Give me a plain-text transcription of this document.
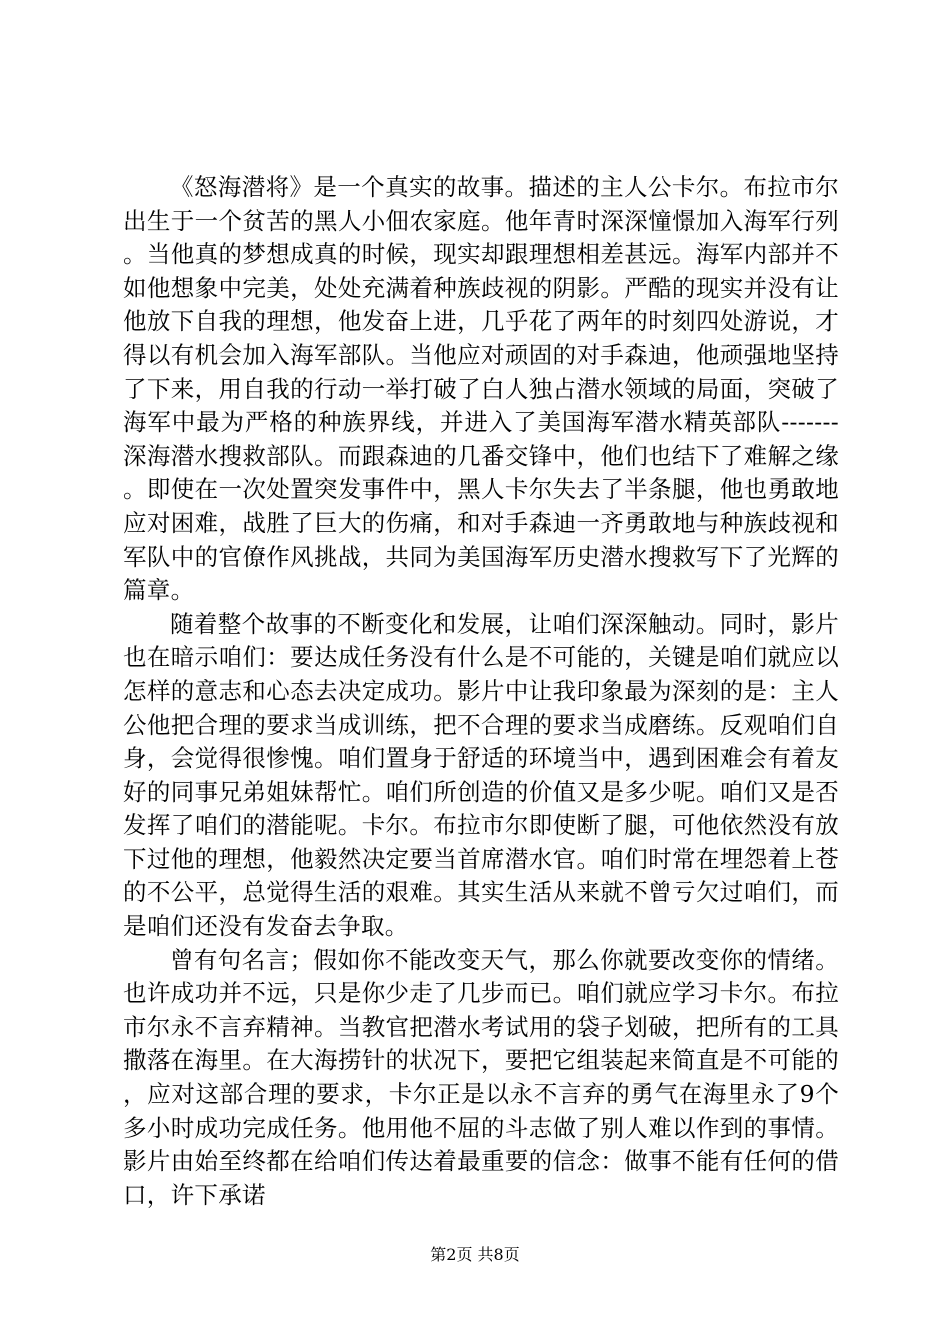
《怒海潜将》是一个真实的故事。描述的主人公卡尔。布拉市尔出生于一个贫苦的黑人小佃农家庭。他年青时深深憧憬加入海军行列。当他真的梦想成真的时候，现实却跟理想相差甚远。海军内部并不如他想象中完美，处处充满着种族歧视的阴影。严酷的现实并没有让他放下自我的理想，他发奋上进，几乎花了两年的时刻四处游说，才得以有机会加入海军部队。当他应对顽固的对手森迪，他顽强地坚持了下来，用自我的行动一举打破了白人独占潜水领域的局面，突破了海军中最为严格的种族界线，并进入了美国海军潜水精英部队-------深海潜水搜救部队。而跟森迪的几番交锋中，他们也结下了难解之缘。即使在一次处置突发事件中，黑人卡尔失去了半条腿，他也勇敢地应对困难，战胜了巨大的伤痛，和对手森迪一齐勇敢地与种族歧视和军队中的官僚作风挑战，共同为美国海军历史潜水搜救写下了光辉的篇章。

随着整个故事的不断变化和发展，让咱们深深触动。同时，影片也在暗示咱们：要达成任务没有什么是不可能的，关键是咱们就应以怎样的意志和心态去决定成功。影片中让我印象最为深刻的是：主人公他把合理的要求当成训练，把不合理的要求当成磨练。反观咱们自身，会觉得很惨愧。咱们置身于舒适的环境当中，遇到困难会有着友好的同事兄弟姐妹帮忙。咱们所创造的价值又是多少呢。咱们又是否发挥了咱们的潜能呢。卡尔。布拉市尔即使断了腿，可他依然没有放下过他的理想，他毅然决定要当首席潜水官。咱们时常在埋怨着上苍的不公平，总觉得生活的艰难。其实生活从来就不曾亏欠过咱们，而是咱们还没有发奋去争取。

曾有句名言；假如你不能改变天气，那么你就要改变你的情绪。也许成功并不远，只是你少走了几步而已。咱们就应学习卡尔。布拉市尔永不言弃精神。当教官把潜水考试用的袋子划破，把所有的工具撒落在海里。在大海捞针的状况下，要把它组装起来简直是不可能的，应对这部合理的要求，卡尔正是以永不言弃的勇气在海里永了9个多小时成功完成任务。他用他不屈的斗志做了别人难以作到的事情。影片由始至终都在给咱们传达着最重要的信念：做事不能有任何的借口，许下承诺

第2页 共8页
